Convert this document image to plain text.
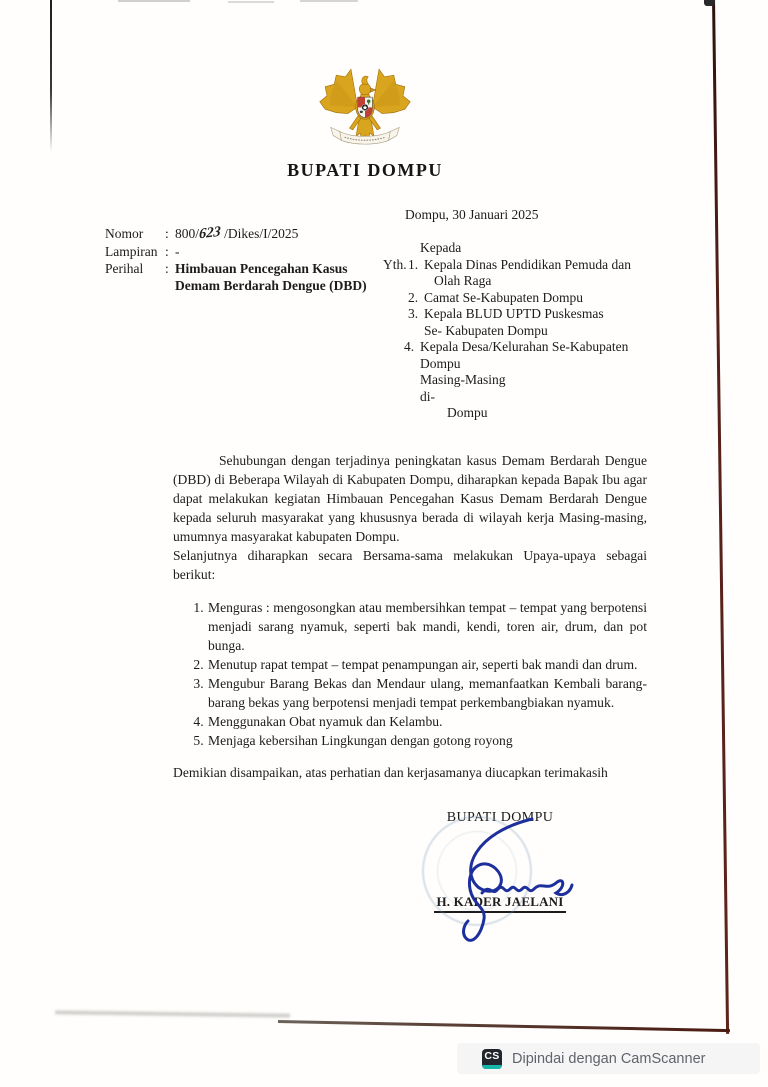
BUPATI DOMPU
Dompu, 30 Januari 2025
Nomor	: 800/623 /Dikes/I/2025
Lampiran : -
Perihal	: Himbauan Pencegahan Kasus
Demam Berdarah Dengue (DBD)
Kepada
Yth. 1. Kepala Dinas Pendidikan Pemuda dan
Olah Raga
2. Camat Se-Kabupaten Dompu
3. Kepala BLUD UPTD Puskesmas
Se- Kabupaten Dompu
4. Kepala Desa/Kelurahan Se-Kabupaten
Dompu
Masing-Masing
di-
Dompu
Sehubungan dengan terjadinya peningkatan kasus Demam Berdarah Dengue (DBD) di Beberapa Wilayah di Kabupaten Dompu, diharapkan kepada Bapak Ibu agar dapat melakukan kegiatan Himbauan Pencegahan Kasus Demam Berdarah Dengue kepada seluruh masyarakat yang khususnya berada di wilayah kerja Masing-masing, umumnya masyarakat kabupaten Dompu.
Selanjutnya diharapkan secara Bersama-sama melakukan Upaya-upaya sebagai berikut:
1. Menguras : mengosongkan atau membersihkan tempat – tempat yang berpotensi menjadi sarang nyamuk, seperti bak mandi, kendi, toren air, drum, dan pot bunga.
2. Menutup rapat tempat – tempat penampungan air, seperti bak mandi dan drum.
3. Mengubur Barang Bekas dan Mendaur ulang, memanfaatkan Kembali barang-barang bekas yang berpotensi menjadi tempat perkembangbiakan nyamuk.
4. Menggunakan Obat nyamuk dan Kelambu.
5. Menjaga kebersihan Lingkungan dengan gotong royong
Demikian disampaikan, atas perhatian dan kerjasamanya diucapkan terimakasih
BUPATI DOMPU
H. KADER JAELANI
CS Dipindai dengan CamScanner
